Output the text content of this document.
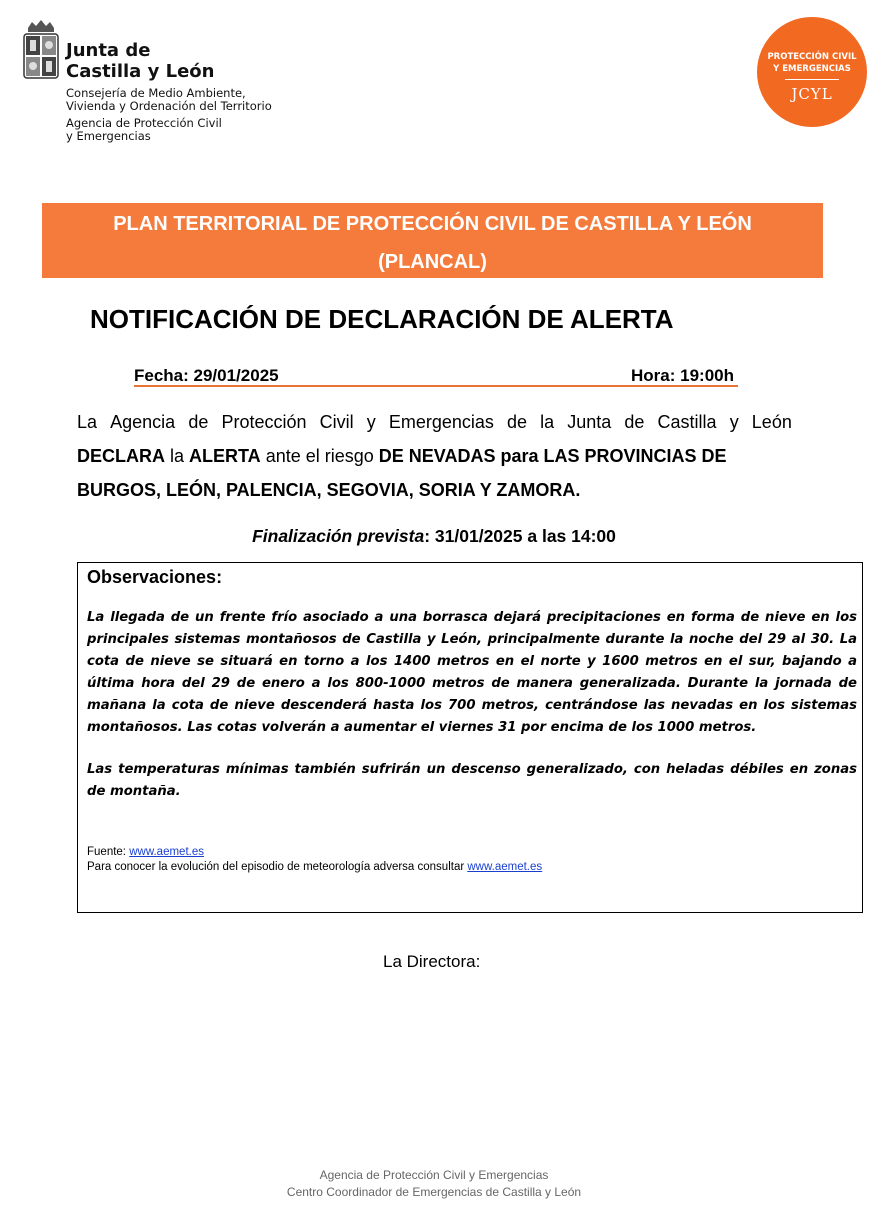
Junta de
Castilla y León
Consejería de Medio Ambiente,
Vivienda y Ordenación del Territorio
Agencia de Protección Civil
y Emergencias
PROTECCIÓN CIVIL
Y EMERGENCIAS
JCYL
PLAN TERRITORIAL DE PROTECCIÓN CIVIL DE CASTILLA Y LEÓN
(PLANCAL)
NOTIFICACIÓN DE DECLARACIÓN DE ALERTA
Fecha: 29/01/2025	Hora: 19:00h
La Agencia de Protección Civil y Emergencias de la Junta de Castilla y León
DECLARA la ALERTA ante el riesgo DE NEVADAS para LAS PROVINCIAS DE
BURGOS, LEÓN, PALENCIA, SEGOVIA, SORIA Y ZAMORA.
Finalización prevista: 31/01/2025 a las 14:00
Observaciones:
La llegada de un frente frío asociado a una borrasca dejará precipitaciones en forma de nieve en los principales sistemas montañosos de Castilla y León, principalmente durante la noche del 29 al 30. La cota de nieve se situará en torno a los 1400 metros en el norte y 1600 metros en el sur, bajando a última hora del 29 de enero a los 800-1000 metros de manera generalizada. Durante la jornada de mañana la cota de nieve descenderá hasta los 700 metros, centrándose las nevadas en los sistemas montañosos. Las cotas volverán a aumentar el viernes 31 por encima de los 1000 metros.
Las temperaturas mínimas también sufrirán un descenso generalizado, con heladas débiles en zonas de montaña.
Fuente: www.aemet.es
Para conocer la evolución del episodio de meteorología adversa consultar www.aemet.es
La Directora:
Agencia de Protección Civil y Emergencias
Centro Coordinador de Emergencias de Castilla y León
